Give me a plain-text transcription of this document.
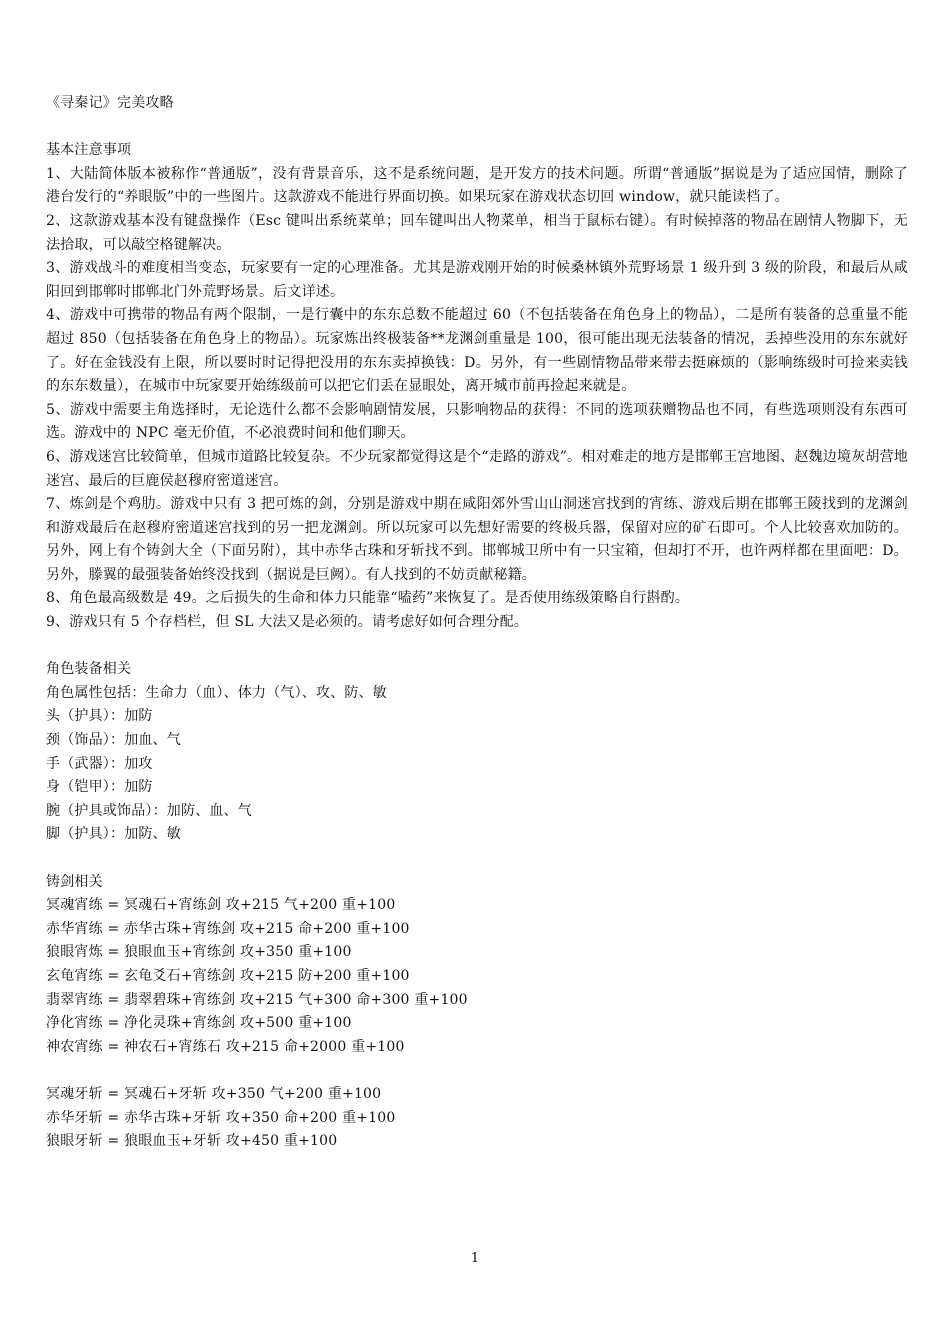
《寻秦记》完美攻略
基本注意事项
1、大陆简体版本被称作“普通版”，没有背景音乐，这不是系统问题，是开发方的技术问题。所谓“普通版”据说是为了适应国情，删除了港台发行的“养眼版”中的一些图片。这款游戏不能进行界面切换。如果玩家在游戏状态切回 window，就只能读档了。
2、这款游戏基本没有键盘操作（Esc 键叫出系统菜单；回车键叫出人物菜单，相当于鼠标右键）。有时候掉落的物品在剧情人物脚下，无法拾取，可以敲空格键解决。
3、游戏战斗的难度相当变态，玩家要有一定的心理准备。尤其是游戏刚开始的时候桑林镇外荒野场景 1 级升到 3 级的阶段，和最后从咸阳回到邯郸时邯郸北门外荒野场景。后文详述。
4、游戏中可携带的物品有两个限制，一是行囊中的东东总数不能超过 60（不包括装备在角色身上的物品），二是所有装备的总重量不能超过 850（包括装备在角色身上的物品）。玩家炼出终极装备**龙渊剑重量是 100，很可能出现无法装备的情况，丢掉些没用的东东就好了。好在金钱没有上限，所以要时时记得把没用的东东卖掉换钱：D。另外，有一些剧情物品带来带去挺麻烦的（影响练级时可捡来卖钱的东东数量），在城市中玩家要开始练级前可以把它们丢在显眼处，离开城市前再捡起来就是。
5、游戏中需要主角选择时，无论选什么都不会影响剧情发展，只影响物品的获得：不同的选项获赠物品也不同，有些选项则没有东西可选。游戏中的 NPC 毫无价值，不必浪费时间和他们聊天。
6、游戏迷宫比较简单，但城市道路比较复杂。不少玩家都觉得这是个“走路的游戏”。相对难走的地方是邯郸王宫地图、赵魏边境灰胡营地迷宫、最后的巨鹿侯赵穆府密道迷宫。
7、炼剑是个鸡肋。游戏中只有 3 把可炼的剑，分别是游戏中期在咸阳郊外雪山山洞迷宫找到的宵练、游戏后期在邯郸王陵找到的龙渊剑和游戏最后在赵穆府密道迷宫找到的另一把龙渊剑。所以玩家可以先想好需要的终极兵器，保留对应的矿石即可。个人比较喜欢加防的。另外，网上有个铸剑大全（下面另附），其中赤华古珠和牙斩找不到。邯郸城卫所中有一只宝箱，但却打不开，也许两样都在里面吧：D。另外，滕翼的最强装备始终没找到（据说是巨阙）。有人找到的不妨贡献秘籍。
8、角色最高级数是 49。之后损失的生命和体力只能靠“嗑药”来恢复了。是否使用练级策略自行斟酌。
9、游戏只有 5 个存档栏，但 SL 大法又是必须的。请考虑好如何合理分配。
角色装备相关
角色属性包括：生命力（血）、体力（气）、攻、防、敏
头（护具）：加防
颈（饰品）：加血、气
手（武器）：加攻
身（铠甲）：加防
腕（护具或饰品）：加防、血、气
脚（护具）：加防、敏
铸剑相关
冥魂宵练 = 冥魂石+宵练剑 攻+215 气+200 重+100
赤华宵练 = 赤华古珠+宵练剑 攻+215 命+200 重+100
狼眼宵炼 = 狼眼血玉+宵练剑 攻+350 重+100
玄龟宵练 = 玄龟爻石+宵练剑 攻+215 防+200 重+100
翡翠宵练 = 翡翠碧珠+宵练剑 攻+215 气+300 命+300 重+100
净化宵练 = 净化灵珠+宵练剑 攻+500 重+100
神农宵练 = 神农石+宵练石 攻+215 命+2000 重+100
冥魂牙斩 = 冥魂石+牙斩 攻+350 气+200 重+100
赤华牙斩 = 赤华古珠+牙斩 攻+350 命+200 重+100
狼眼牙斩 = 狼眼血玉+牙斩 攻+450 重+100
1
